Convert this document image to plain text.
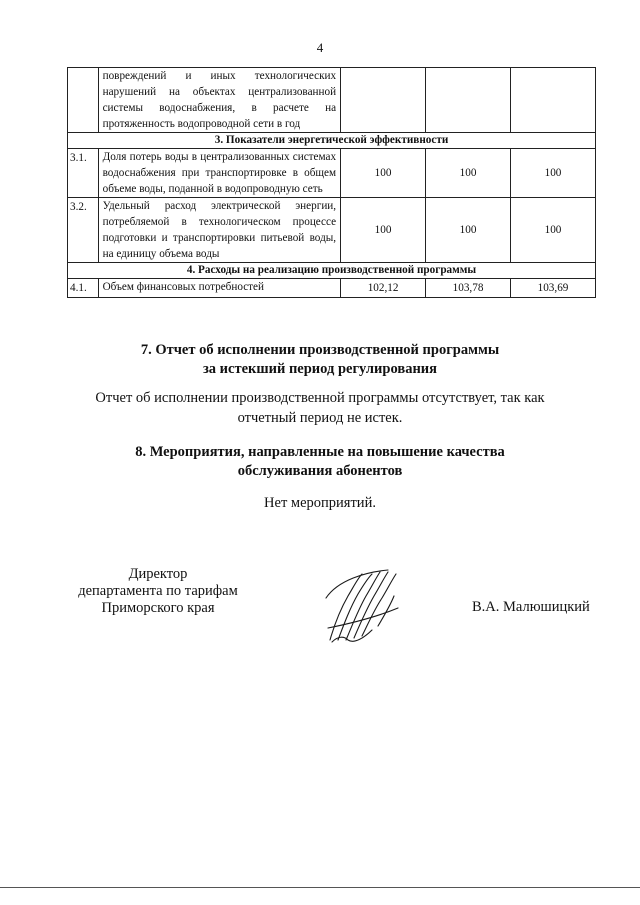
4
	повреждений и иных технологических нарушений на объектах централизованной системы водоснабжения, в расчете на протяженность водопроводной сети в год			
3. Показатели энергетической эффективности				
3.1.	Доля потерь воды в централизованных системах водоснабжения при транспортировке в общем объеме воды, поданной в водопроводную сеть	100	100	100
3.2.	Удельный расход электрической энергии, потребляемой в технологическом процессе подготовки и транспортировки питьевой воды, на единицу объема воды	100	100	100
4. Расходы на реализацию производственной программы				
4.1.	Объем финансовых потребностей	102,12	103,78	103,69
7. Отчет об исполнении производственной программы
за истекший период регулирования
Отчет об исполнении производственной программы отсутствует, так как
отчетный период не истек.
8. Мероприятия, направленные на повышение качества
обслуживания абонентов
Нет мероприятий.
Директор
департамента по тарифам
Приморского края	В.А. Малюшицкий
